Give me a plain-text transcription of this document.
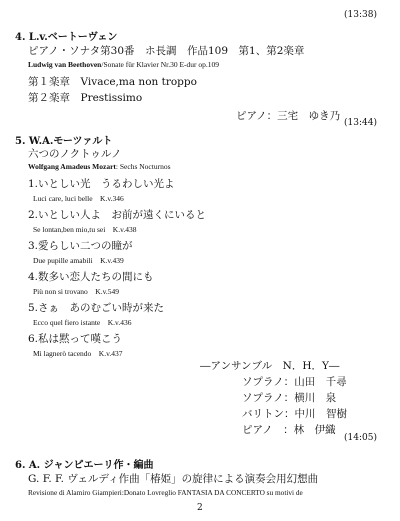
(13:38)
4. L.v.ベートーヴェン
ピアノ・ソナタ第30番　ホ長調　作品109　第1、第2楽章
Ludwig van Beethoven/Sonate für Klavier Nr.30 E-dur op.109
第１楽章　Vivace,ma non troppo
第２楽章　Prestissimo
ピアノ：三宅　ゆき乃
(13:44)
5. W.A.モーツァルト
六つのノクトゥルノ
Wolfgang Amadeus Mozart: Sechs Nocturnos
1.いとしい光　うるわしい光よ
Luci care, luci belle　K.v.346
2.いとしい人よ　お前が遠くにいると
Se lontan,ben mio,tu sei　K.v.438
3.愛らしい二つの瞳が
Due pupille amabili　K.v.439
4.数多い恋人たちの間にも
Più non si trovano　K.v.549
5.さぁ　あのむごい時が来た
Ecco quel fiero istante　K.v.436
6.私は黙って嘆こう
Mi lagnerò tacendo　K.v.437
―アンサンブル　N．H．Y―
ソプラノ：山田　千尋
ソプラノ：横川　泉
バリトン：中川　智樹
ピアノ　：林　伊織
(14:05)
6. A. ジャンピエーリ作・編曲
G. F. F. ヴェルディ作曲「椿姫」の旋律による演奏会用幻想曲
Revisione di Alamiro Giampieri:Donato Lovreglio FANTASIA DA CONCERTO su motivi de
2
